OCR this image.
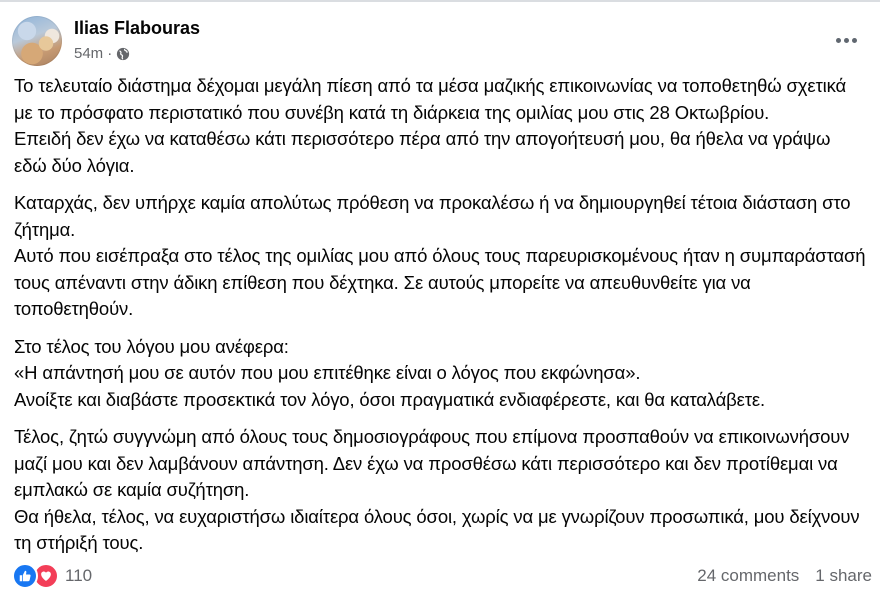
Ilias Flabouras
54m ·

Το τελευταίο διάστημα δέχομαι μεγάλη πίεση από τα μέσα μαζικής επικοινωνίας να τοποθετηθώ σχετικά με το πρόσφατο περιστατικό που συνέβη κατά τη διάρκεια της ομιλίας μου στις 28 Οκτωβρίου.
Επειδή δεν έχω να καταθέσω κάτι περισσότερο πέρα από την απογοήτευσή μου, θα ήθελα να γράψω εδώ δύο λόγια.

Καταρχάς, δεν υπήρχε καμία απολύτως πρόθεση να προκαλέσω ή να δημιουργηθεί τέτοια διάσταση στο ζήτημα.
Αυτό που εισέπραξα στο τέλος της ομιλίας μου από όλους τους παρευρισκομένους ήταν η συμπαράστασή τους απέναντι στην άδικη επίθεση που δέχτηκα. Σε αυτούς μπορείτε να απευθυνθείτε για να τοποθετηθούν.

Στο τέλος του λόγου μου ανέφερα:
«Η απάντησή μου σε αυτόν που μου επιτέθηκε είναι ο λόγος που εκφώνησα».
Ανοίξτε και διαβάστε προσεκτικά τον λόγο, όσοι πραγματικά ενδιαφέρεστε, και θα καταλάβετε.

Τέλος, ζητώ συγγνώμη από όλους τους δημοσιογράφους που επίμονα προσπαθούν να επικοινωνήσουν μαζί μου και δεν λαμβάνουν απάντηση. Δεν έχω να προσθέσω κάτι περισσότερο και δεν προτίθεμαι να εμπλακώ σε καμία συζήτηση.
Θα ήθελα, τέλος, να ευχαριστήσω ιδιαίτερα όλους όσοι, χωρίς να με γνωρίζουν προσωπικά, μου δείχνουν τη στήριξή τους.

110	24 comments 1 share
